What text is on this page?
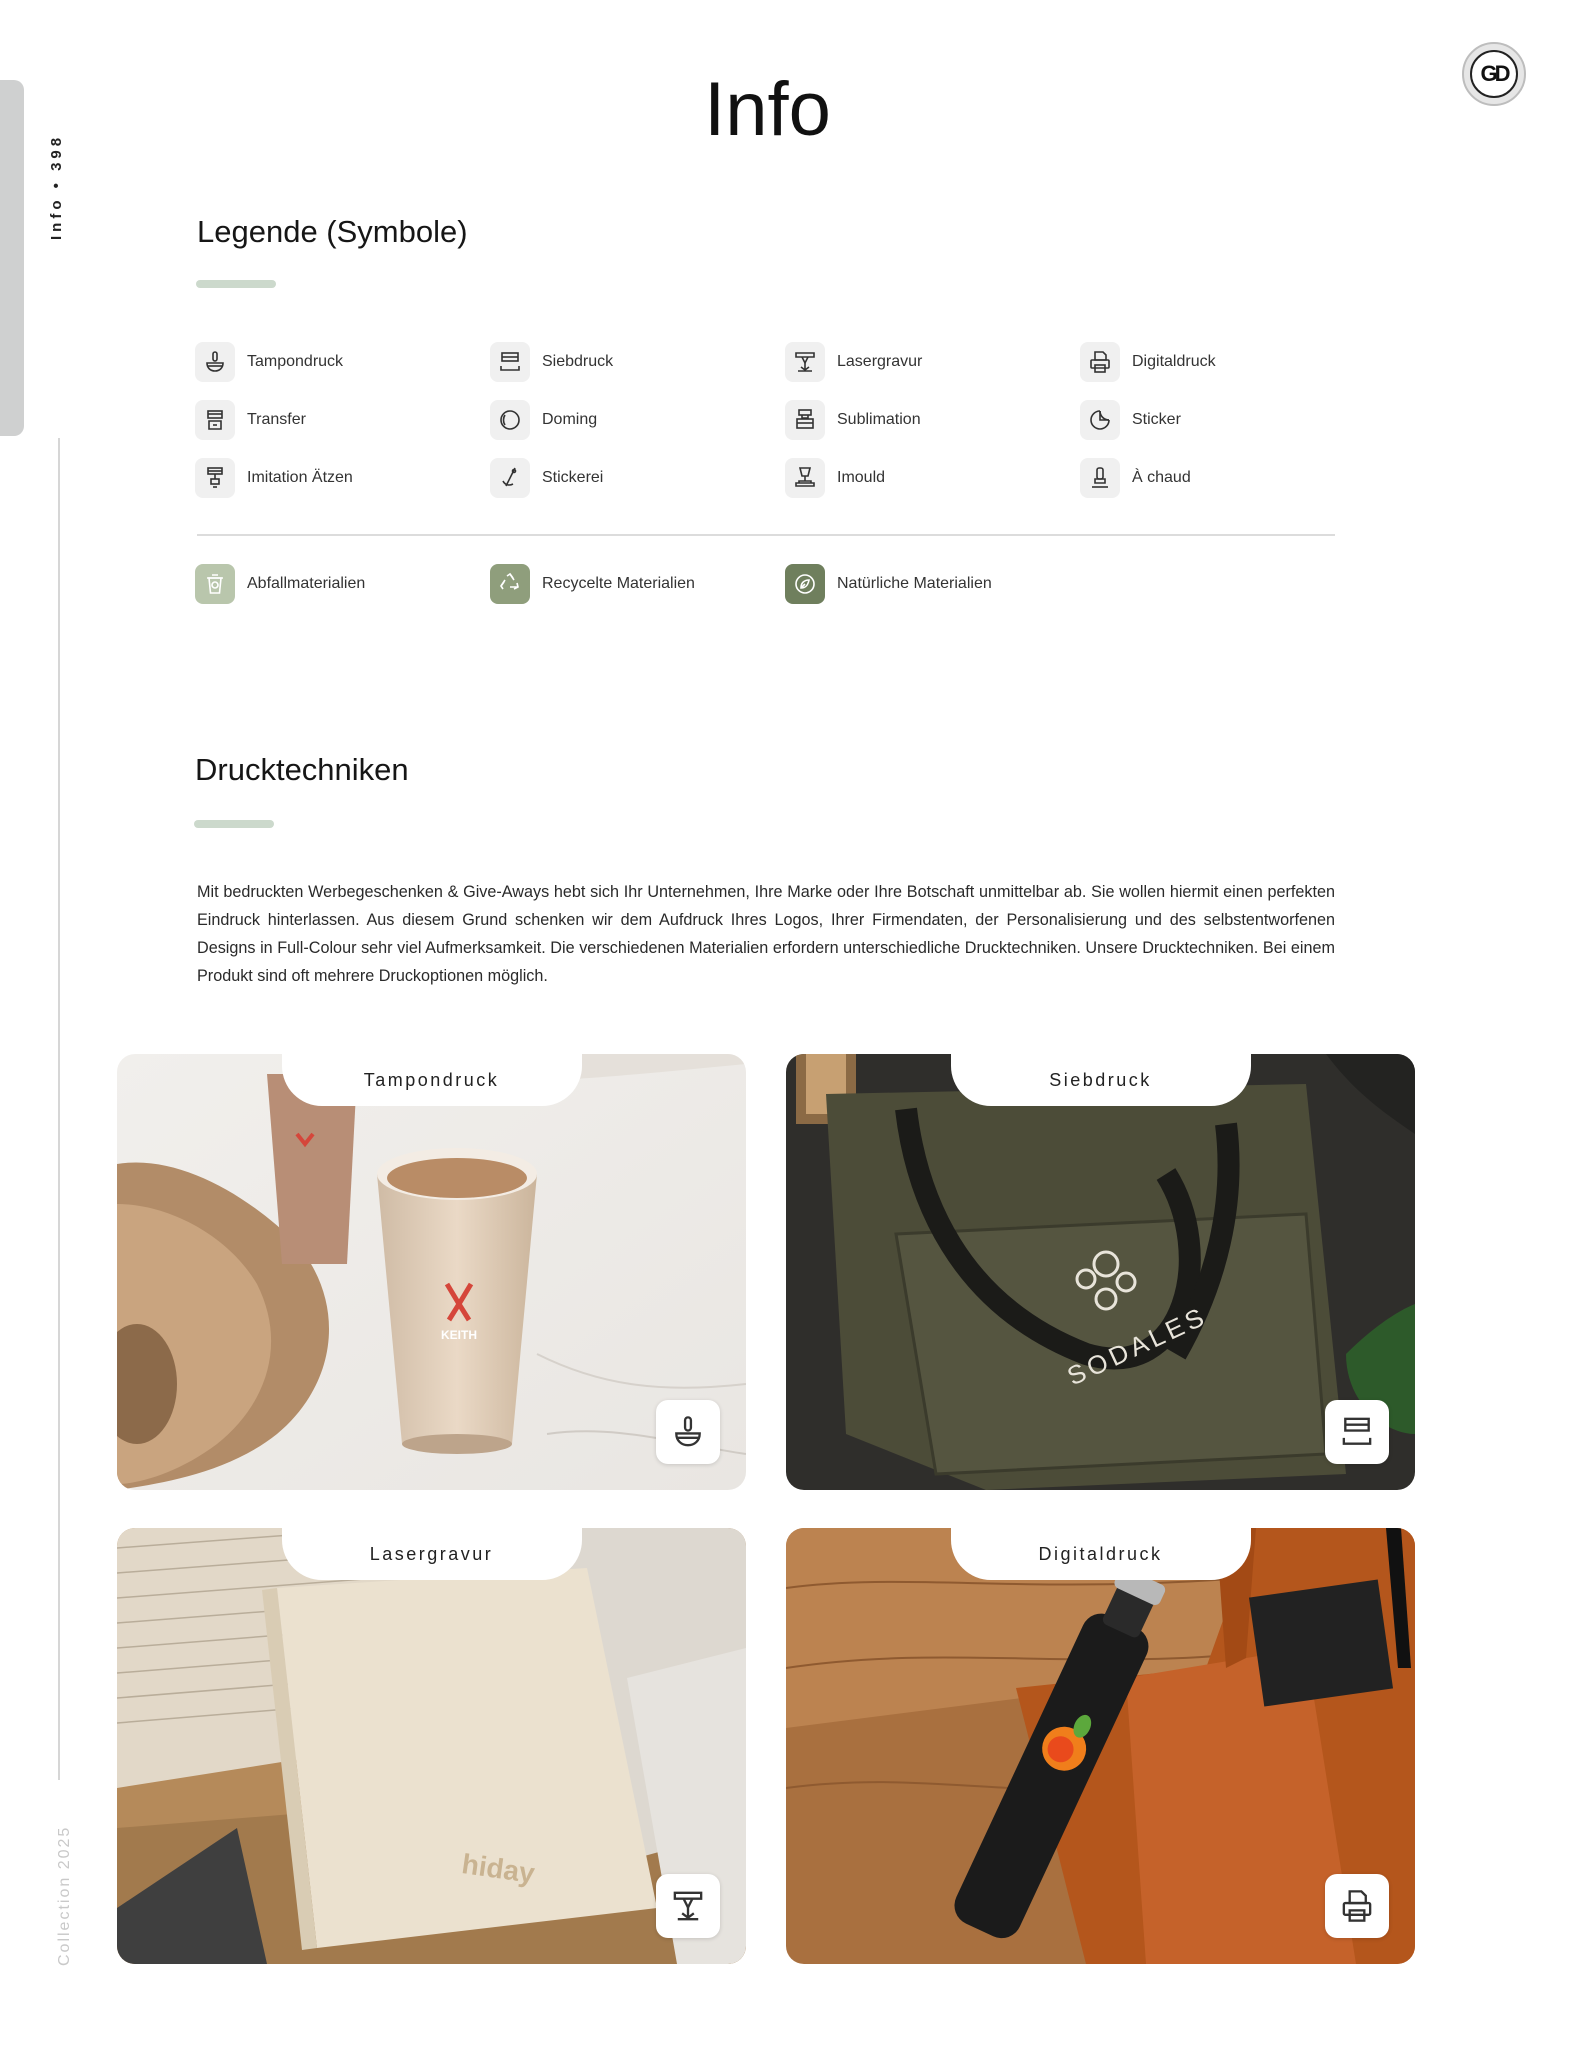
Info • 398
Collection 2025
GD
Info
Legende (Symbole)
Tampondruck	Siebdruck	Lasergravur	Digitaldruck
Transfer	Doming	Sublimation	Sticker
Imitation Ätzen	Stickerei	Imould	À chaud
Abfallmaterialien	Recycelte Materialien	Natürliche Materialien
Drucktechniken
Mit bedruckten Werbegeschenken & Give-Aways hebt sich Ihr Unternehmen, Ihre Marke oder Ihre Botschaft unmittelbar ab. Sie wollen hiermit einen perfekten Eindruck hinterlassen. Aus diesem Grund schenken wir dem Aufdruck Ihres Logos, Ihrer Firmendaten, der Personalisierung und des selbstentworfenen Designs in Full-Colour sehr viel Aufmerksamkeit. Die verschiedenen Materialien erfordern unterschiedliche Drucktechniken. Unsere Drucktechniken. Bei einem Produkt sind oft mehrere Druckoptionen möglich.
KEITH
Tampondruck
SODALES
Siebdruck
hiday
Lasergravur	Digitaldruck
